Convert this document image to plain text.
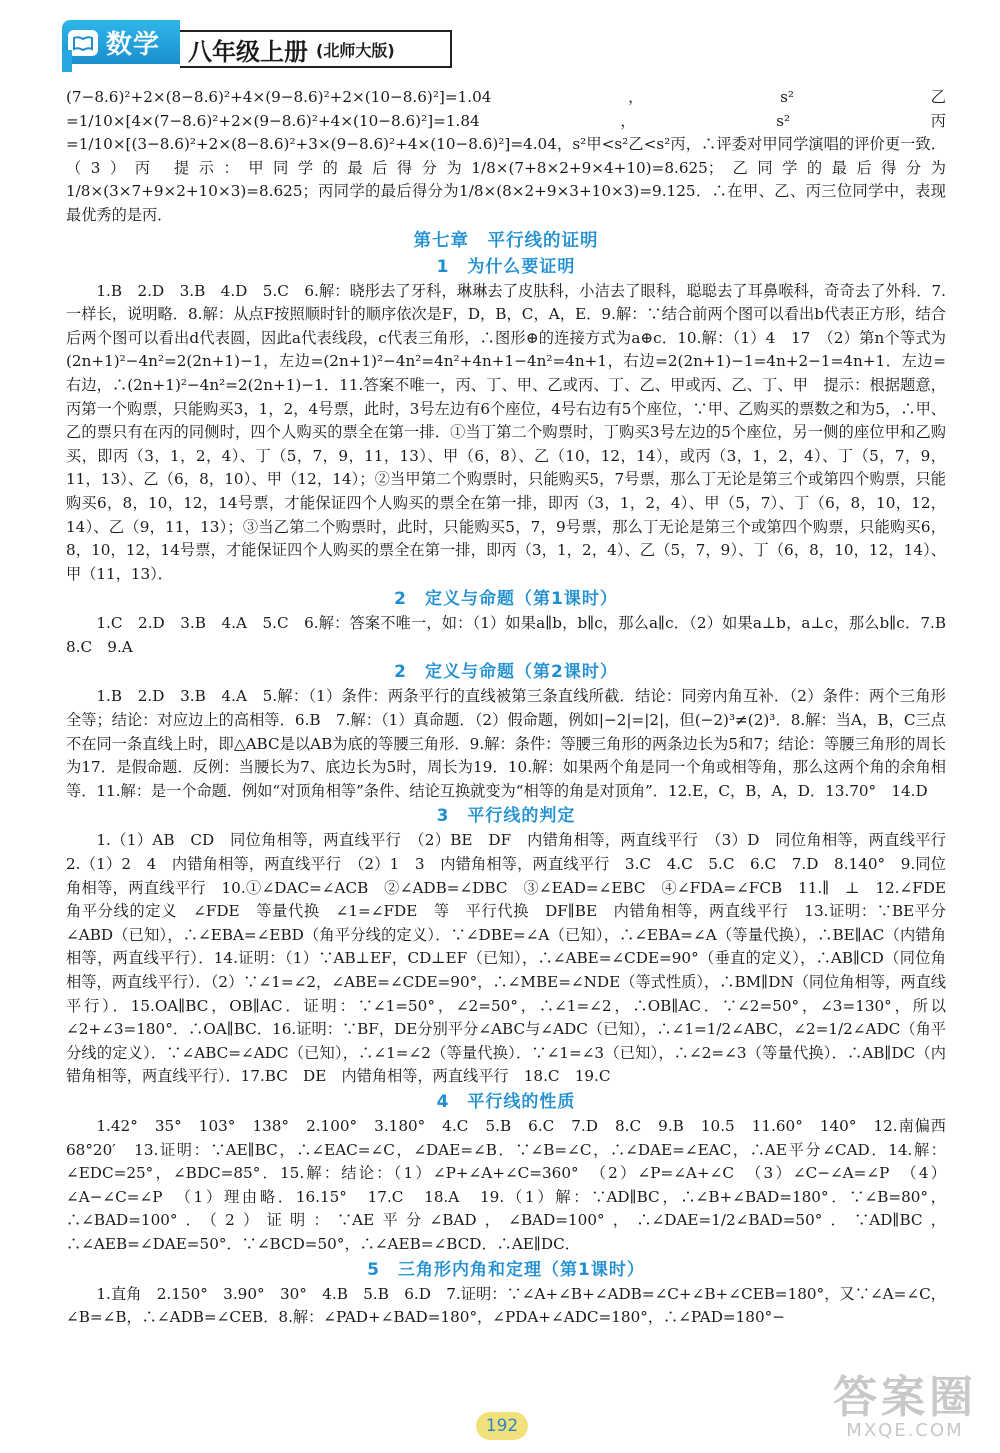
数学 八年级上册 (北师大版)

(7−8.6)²+2×(8−8.6)²+4×(9−8.6)²+2×(10−8.6)²]=1.04，s²乙=1/10×[4×(7−8.6)²+2×(9−8.6)²+4×(10−8.6)²]=1.84，s²丙=1/10×[(3−8.6)²+2×(8−8.6)²+3×(9−8.6)²+4×(10−8.6)²]=4.04，s²甲<s²乙<s²丙，∴评委对甲同学演唱的评价更一致．（3）丙 提示：甲同学的最后得分为1/8×(7+8×2+9×4+10)=8.625；乙同学的最后得分为1/8×(3×7+9×2+10×3)=8.625；丙同学的最后得分为1/8×(8×2+9×3+10×3)=9.125．∴在甲、乙、丙三位同学中，表现最优秀的是丙．

第七章　平行线的证明
1　为什么要证明

1.B　2.D　3.B　4.D　5.C　6.解：晓彤去了牙科，琳琳去了皮肤科，小洁去了眼科，聪聪去了耳鼻喉科，奇奇去了外科．7.一样长，说明略．8.解：从点F按照顺时针的顺序依次是F，D，B，C，A，E．9.解：∵结合前两个图可以看出b代表正方形，结合后两个图可以看出d代表圆，因此a代表线段，c代表三角形，∴图形⊕的连接方式为a⊕c．10.解：（1）4　17　（2）第n个等式为(2n+1)²−4n²=2(2n+1)−1，左边=(2n+1)²−4n²=4n²+4n+1−4n²=4n+1，右边=2(2n+1)−1=4n+2−1=4n+1．左边=右边，∴(2n+1)²−4n²=2(2n+1)−1．11.答案不唯一，丙、丁、甲、乙或丙、丁、乙、甲或丙、乙、丁、甲　提示：根据题意，丙第一个购票，只能购买3，1，2，4号票，此时，3号左边有6个座位，4号右边有5个座位，∵甲、乙购买的票数之和为5，∴甲、乙的票只有在丙的同侧时，四个人购买的票全在第一排．①当丁第二个购票时，丁购买3号左边的5个座位，另一侧的座位甲和乙购买，即丙（3，1，2，4）、丁（5，7，9，11，13）、甲（6，8）、乙（10，12，14），或丙（3，1，2，4）、丁（5，7，9，11，13）、乙（6，8，10）、甲（12，14）；②当甲第二个购票时，只能购买5，7号票，那么丁无论是第三个或第四个购票，只能购买6，8，10，12，14号票，才能保证四个人购买的票全在第一排，即丙（3，1，2，4）、甲（5，7）、丁（6，8，10，12，14）、乙（9，11，13）；③当乙第二个购票时，此时，只能购买5，7，9号票，那么丁无论是第三个或第四个购票，只能购买6，8，10，12，14号票，才能保证四个人购买的票全在第一排，即丙（3，1，2，4）、乙（5，7，9）、丁（6，8，10，12，14）、甲（11，13）．

2　定义与命题（第1课时）

1.C　2.D　3.B　4.A　5.C　6.解：答案不唯一，如：（1）如果a∥b，b∥c，那么a∥c．（2）如果a⊥b，a⊥c，那么b∥c．7.B　8.C　9.A

2　定义与命题（第2课时）

1.B　2.D　3.B　4.A　5.解：（1）条件：两条平行的直线被第三条直线所截．结论：同旁内角互补．（2）条件：两个三角形全等；结论：对应边上的高相等．6.B　7.解：（1）真命题．（2）假命题，例如|−2|=|2|，但(−2)³≠(2)³．8.解：当A，B，C三点不在同一条直线上时，即△ABC是以AB为底的等腰三角形．9.解：条件：等腰三角形的两条边长为5和7；结论：等腰三角形的周长为17．是假命题．反例：当腰长为7、底边长为5时，周长为19．10.解：如果两个角是同一个角或相等角，那么这两个角的余角相等．11.解：是一个命题．例如“对顶角相等”条件、结论互换就变为“相等的角是对顶角”．12.E，C，B，A，D．13.70°　14.D

3　平行线的判定

1.（1）AB　CD　同位角相等，两直线平行　（2）BE　DF　内错角相等，两直线平行　（3）D　同位角相等，两直线平行　2.（1）2　4　内错角相等，两直线平行　（2）1　3　内错角相等，两直线平行　3.C　4.C　5.C　6.C　7.D　8.140°　9.同位角相等，两直线平行　10.①∠DAC=∠ACB　②∠ADB=∠DBC　③∠EAD=∠EBC　④∠FDA=∠FCB　11.∥　⊥　12.∠FDE　角平分线的定义　∠FDE　等量代换　∠1=∠FDE　等　平行代换　DF∥BE　内错角相等，两直线平行　13.证明：∵BE平分∠ABD（已知），∴∠EBA=∠EBD（角平分线的定义）．∵∠DBE=∠A（已知），∴∠EBA=∠A（等量代换），∴BE∥AC（内错角相等，两直线平行）．14.证明：（1）∵AB⊥EF，CD⊥EF（已知），∴∠ABE=∠CDE=90°（垂直的定义），∴AB∥CD（同位角相等，两直线平行）．（2）∵∠1=∠2，∠ABE=∠CDE=90°，∴∠MBE=∠NDE（等式性质），∴BM∥DN（同位角相等，两直线平行）．15.OA∥BC，OB∥AC．证明：∵∠1=50°，∠2=50°，∴∠1=∠2，∴OB∥AC．∵∠2=50°，∠3=130°，所以∠2+∠3=180°．∴OA∥BC．16.证明：∵BF，DE分别平分∠ABC与∠ADC（已知），∴∠1=1/2∠ABC，∠2=1/2∠ADC（角平分线的定义）．∵∠ABC=∠ADC（已知），∴∠1=∠2（等量代换）．∵∠1=∠3（已知），∴∠2=∠3（等量代换）．∴AB∥DC（内错角相等，两直线平行）．17.BC　DE　内错角相等，两直线平行　18.C　19.C

4　平行线的性质

1.42°　35°　103°　138°　2.100°　3.180°　4.C　5.B　6.C　7.D　8.C　9.B　10.5　11.60°　140°　12.南偏西68°20′　13.证明：∵AE∥BC，∴∠EAC=∠C，∠DAE=∠B．∵∠B=∠C，∴∠DAE=∠EAC，∴AE平分∠CAD．14.解：∠EDC=25°，∠BDC=85°．15.解：结论：（1）∠P+∠A+∠C=360°　（2）∠P=∠A+∠C　（3）∠C−∠A=∠P　（4）∠A−∠C=∠P　（1）理由略．16.15°　17.C　18.A　19.（1）解：∵AD∥BC，∴∠B+∠BAD=180°．∵∠B=80°，∴∠BAD=100°．（2）证明：∵AE平分∠BAD，∠BAD=100°，∴∠DAE=1/2∠BAD=50°．∵AD∥BC，∴∠AEB=∠DAE=50°．∵∠BCD=50°，∴∠AEB=∠BCD．∴AE∥DC．

5　三角形内角和定理（第1课时）

1.直角　2.150°　3.90°　30°　4.B　5.B　6.D　7.证明：∵∠A+∠B+∠ADB=∠C+∠B+∠CEB=180°，又∵∠A=∠C，∠B=∠B，∴∠ADB=∠CEB．8.解：∠PAD+∠BAD=180°，∠PDA+∠ADC=180°，∴∠PAD=180°−

192
答案圈
MXQE.COM
